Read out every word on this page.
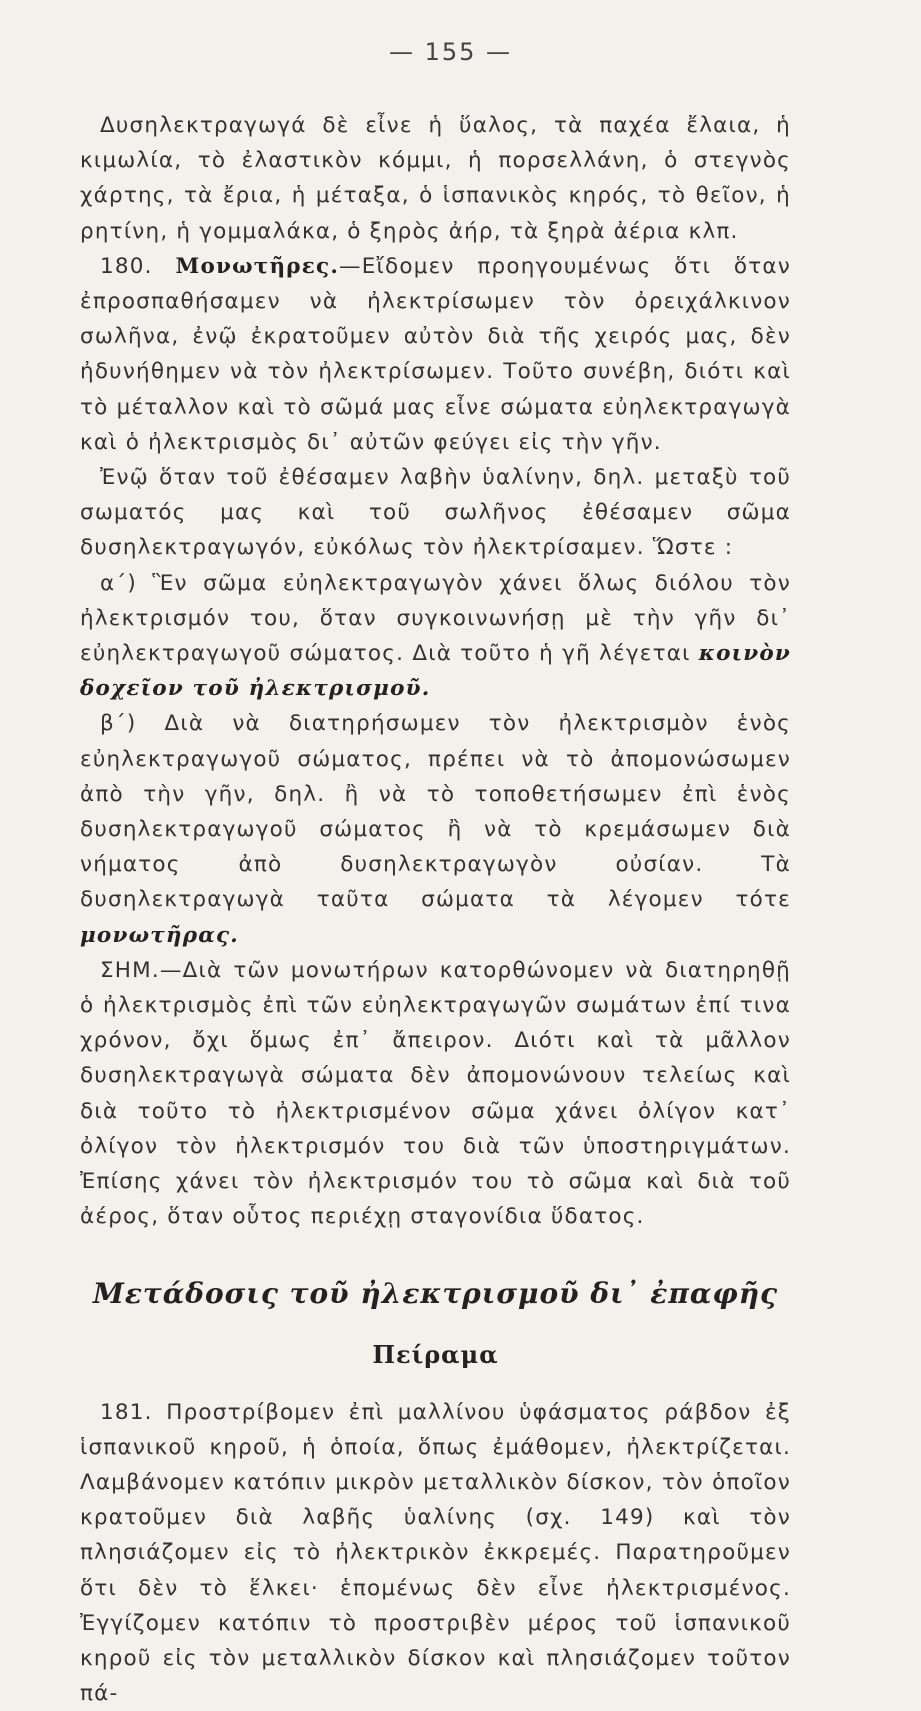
— 155 —

Δυσηλεκτραγωγά δὲ εἶνε ἡ ὕαλος, τὰ παχέα ἔλαια, ἡ κιμωλία, τὸ ἐλαστικὸν κόμμι, ἡ πορσελλάνη, ὁ στεγνὸς χάρτης, τὰ ἔρια, ἡ μέταξα, ὁ ἱσπανικὸς κηρός, τὸ θεῖον, ἡ ρητίνη, ἡ γομμαλάκα, ὁ ξηρὸς ἀήρ, τὰ ξηρὰ ἀέρια κλπ.

180. Μονωτῆρες.—Εἴδομεν προηγουμένως ὅτι ὅταν ἐπροσπαθήσαμεν νὰ ἠλεκτρίσωμεν τὸν ὀρειχάλκινον σωλῆνα, ἐνῷ ἐκρατοῦμεν αὐτὸν διὰ τῆς χειρός μας, δὲν ἠδυνήθημεν νὰ τὸν ἠλεκτρίσωμεν. Τοῦτο συνέβη, διότι καὶ τὸ μέταλλον καὶ τὸ σῶμά μας εἶνε σώματα εὐηλεκτραγωγὰ καὶ ὁ ἠλεκτρισμὸς δι᾽ αὐτῶν φεύγει εἰς τὴν γῆν.

Ἐνῷ ὅταν τοῦ ἐθέσαμεν λαβὴν ὑαλίνην, δηλ. μεταξὺ τοῦ σωματός μας καὶ τοῦ σωλῆνος ἐθέσαμεν σῶμα δυσηλεκτραγωγόν, εὐκόλως τὸν ἠλεκτρίσαμεν. Ὥστε :

α΄) Ἓν σῶμα εὐηλεκτραγωγὸν χάνει ὅλως διόλου τὸν ἠλεκτρισμόν του, ὅταν συγκοινωνήσῃ μὲ τὴν γῆν δι᾽ εὐηλεκτραγωγοῦ σώματος. Διὰ τοῦτο ἡ γῆ λέγεται κοινὸν δοχεῖον τοῦ ἠλεκτρισμοῦ.

β΄) Διὰ νὰ διατηρήσωμεν τὸν ἠλεκτρισμὸν ἑνὸς εὐηλεκτραγωγοῦ σώματος, πρέπει νὰ τὸ ἀπομονώσωμεν ἀπὸ τὴν γῆν, δηλ. ἢ νὰ τὸ τοποθετήσωμεν ἐπὶ ἑνὸς δυσηλεκτραγωγοῦ σώματος ἢ νὰ τὸ κρεμάσωμεν διὰ νήματος ἀπὸ δυσηλεκτραγωγὸν οὐσίαν. Τὰ δυσηλεκτραγωγὰ ταῦτα σώματα τὰ λέγομεν τότε μονωτῆρας.

ΣΗΜ.—Διὰ τῶν μονωτήρων κατορθώνομεν νὰ διατηρηθῇ ὁ ἠλεκτρισμὸς ἐπὶ τῶν εὐηλεκτραγωγῶν σωμάτων ἐπί τινα χρόνον, ὄχι ὅμως ἐπ᾽ ἄπειρον. Διότι καὶ τὰ μᾶλλον δυσηλεκτραγωγὰ σώματα δὲν ἀπομονώνουν τελείως καὶ διὰ τοῦτο τὸ ἠλεκτρισμένον σῶμα χάνει ὀλίγον κατ᾽ ὀλίγον τὸν ἠλεκτρισμόν του διὰ τῶν ὑποστηριγμάτων. Ἐπίσης χάνει τὸν ἠλεκτρισμόν του τὸ σῶμα καὶ διὰ τοῦ ἀέρος, ὅταν οὗτος περιέχῃ σταγονίδια ὕδατος.

Μετάδοσις τοῦ ἠλεκτρισμοῦ δι᾽ ἐπαφῆς
Πείραμα

181. Προστρίβομεν ἐπὶ μαλλίνου ὑφάσματος ράβδον ἐξ ἱσπανικοῦ κηροῦ, ἡ ὁποία, ὅπως ἐμάθομεν, ἠλεκτρίζεται. Λαμβάνομεν κατόπιν μικρὸν μεταλλικὸν δίσκον, τὸν ὁποῖον κρατοῦμεν διὰ λαβῆς ὑαλίνης (σχ. 149) καὶ τὸν πλησιάζομεν εἰς τὸ ἠλεκτρικὸν ἐκκρεμές. Παρατηροῦμεν ὅτι δὲν τὸ ἕλκει· ἑπομένως δὲν εἶνε ἠλεκτρισμένος. Ἐγγίζομεν κατόπιν τὸ προστριβὲν μέρος τοῦ ἱσπανικοῦ κηροῦ εἰς τὸν μεταλλικὸν δίσκον καὶ πλησιάζομεν τοῦτον πά-
